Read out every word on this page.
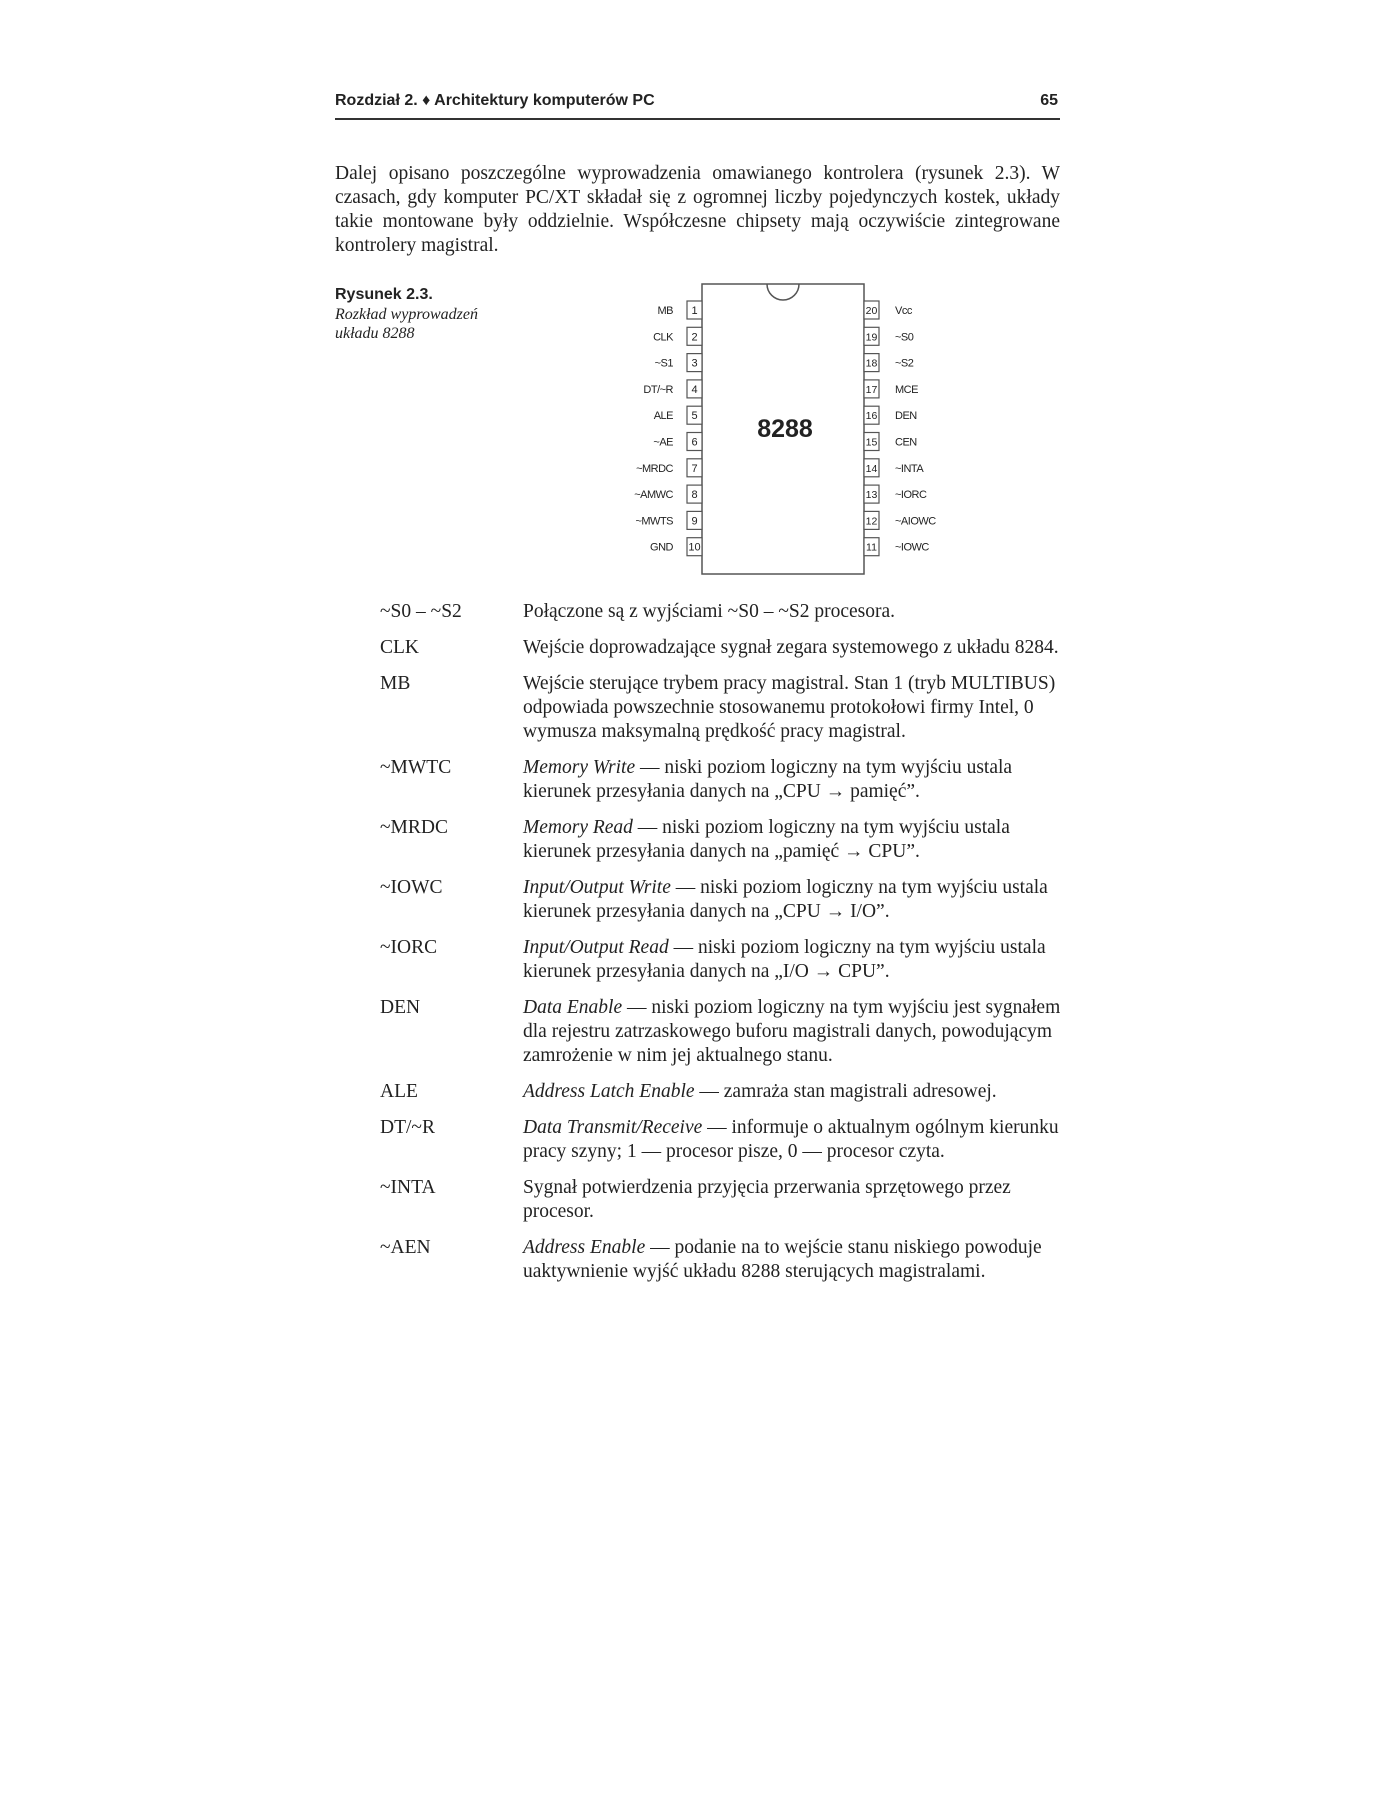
Rozdział 2. ♦ Architektury komputerów PC	65
Dalej opisano poszczególne wyprowadzenia omawianego kontrolera (rysunek 2.3). W czasach, gdy komputer PC/XT składał się z ogromnej liczby pojedynczych kostek, układy takie montowane były oddzielnie. Współczesne chipsety mają oczywiście zintegrowane kontrolery magistral.
Rysunek 2.3.
Rozkład wyprowadzeń
układu 8288
8288
1
MB
2
CLK
3
~S1
4
DT/~R
5
ALE
6
~AE
7
~MRDC
8
~AMWC
9
~MWTS
10
GND
20 Vcc
19 ~S0
18 ~S2
17 MCE
16 DEN
15 CEN
14 ~INTA
13 ~IORC
12 ~AIOWC
11 ~IOWC
~S0 – ~S2	Połączone są z wyjściami ~S0 – ~S2 procesora.
CLK	Wejście doprowadzające sygnał zegara systemowego z układu 8284.
MB	Wejście sterujące trybem pracy magistral. Stan 1 (tryb MULTIBUS) odpowiada powszechnie stosowanemu protokołowi firmy Intel, 0 wymusza maksymalną prędkość pracy magistral.
~MWTC	Memory Write — niski poziom logiczny na tym wyjściu ustala kierunek przesyłania danych na „CPU → pamięć”.
~MRDC	Memory Read — niski poziom logiczny na tym wyjściu ustala kierunek przesyłania danych na „pamięć → CPU”.
~IOWC	Input/Output Write — niski poziom logiczny na tym wyjściu ustala kierunek przesyłania danych na „CPU → I/O”.
~IORC	Input/Output Read — niski poziom logiczny na tym wyjściu ustala kierunek przesyłania danych na „I/O → CPU”.
DEN	Data Enable — niski poziom logiczny na tym wyjściu jest sygnałem dla rejestru zatrzaskowego buforu magistrali danych, powodującym zamrożenie w nim jej aktualnego stanu.
ALE	Address Latch Enable — zamraża stan magistrali adresowej.
DT/~R	Data Transmit/Receive — informuje o aktualnym ogólnym kierunku pracy szyny; 1 — procesor pisze, 0 — procesor czyta.
~INTA	Sygnał potwierdzenia przyjęcia przerwania sprzętowego przez procesor.
~AEN	Address Enable — podanie na to wejście stanu niskiego powoduje uaktywnienie wyjść układu 8288 sterujących magistralami.
